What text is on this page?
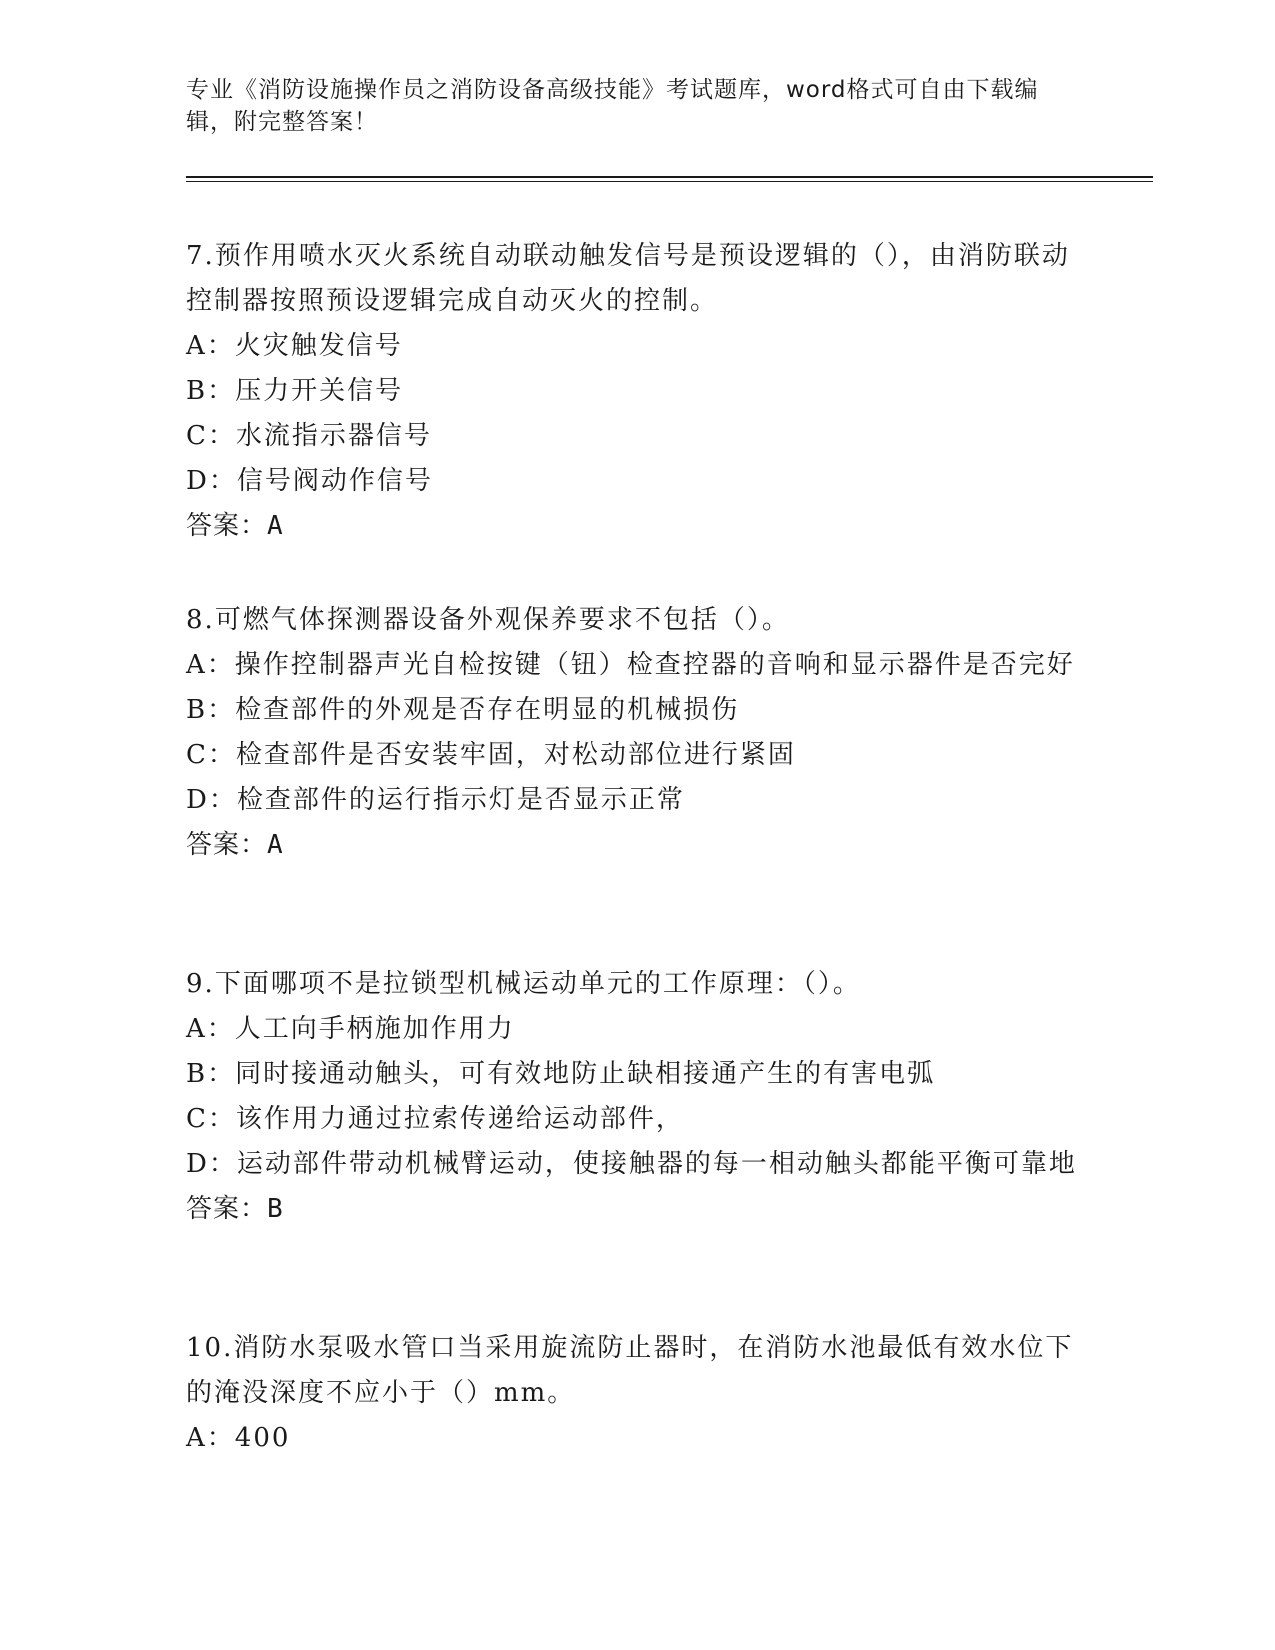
专业《消防设施操作员之消防设备高级技能》考试题库，word格式可自由下载编辑，附完整答案！
7.预作用喷水灭火系统自动联动触发信号是预设逻辑的（），由消防联动控制器按照预设逻辑完成自动灭火的控制。
A：火灾触发信号
B：压力开关信号
C：水流指示器信号
D：信号阀动作信号
答案：A
8.可燃气体探测器设备外观保养要求不包括（）。
A：操作控制器声光自检按键（钮）检查控器的音响和显示器件是否完好
B：检查部件的外观是否存在明显的机械损伤
C：检查部件是否安装牢固，对松动部位进行紧固
D：检查部件的运行指示灯是否显示正常
答案：A
9.下面哪项不是拉锁型机械运动单元的工作原理：（）。
A：人工向手柄施加作用力
B：同时接通动触头，可有效地防止缺相接通产生的有害电弧
C：该作用力通过拉索传递给运动部件，
D：运动部件带动机械臂运动，使接触器的每一相动触头都能平衡可靠地
答案：B
10.消防水泵吸水管口当采用旋流防止器时，在消防水池最低有效水位下的淹没深度不应小于（）mm。
A：400
